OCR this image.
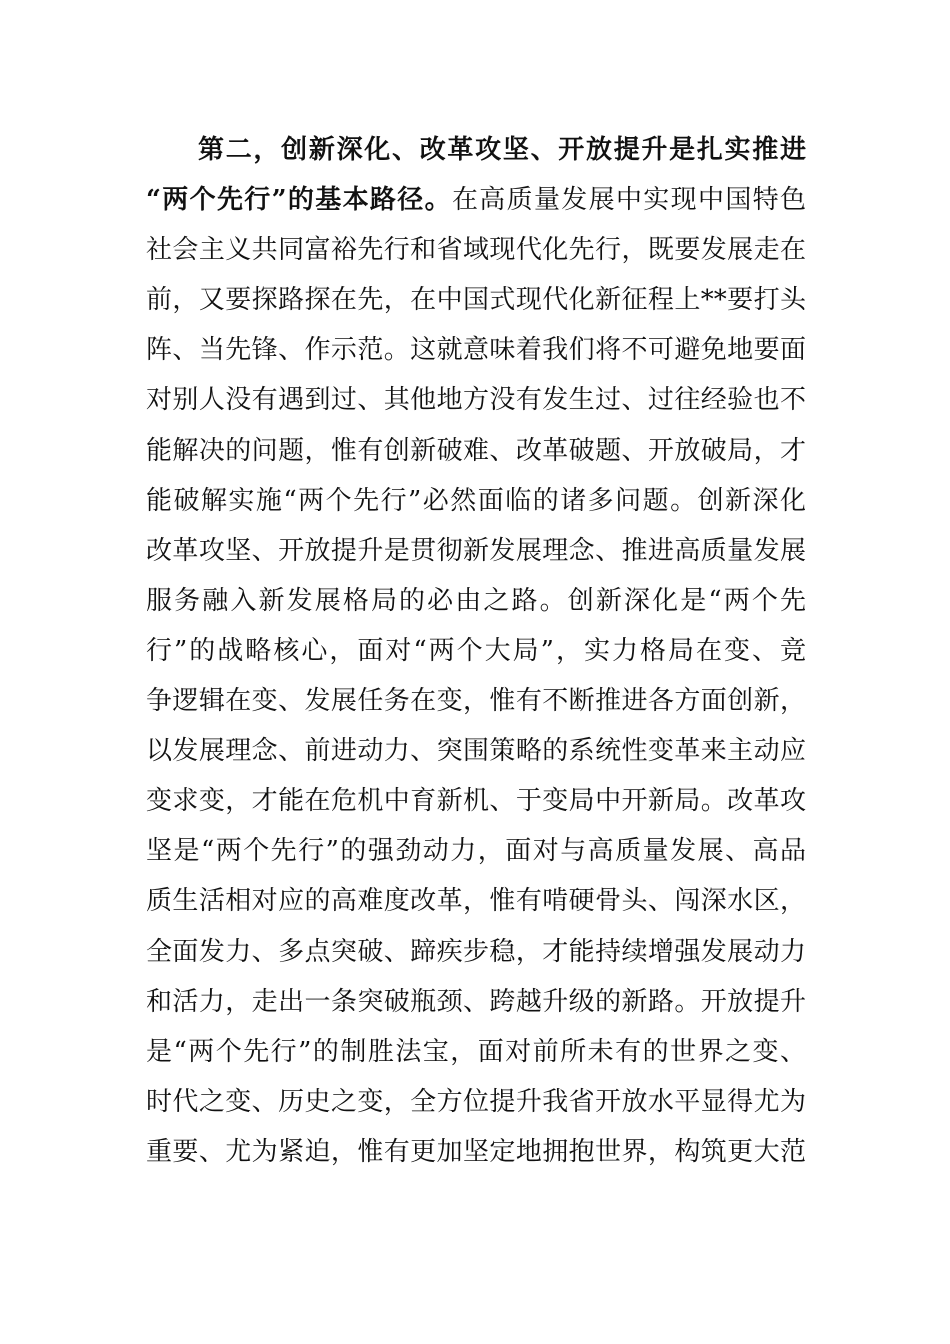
第二，创新深化、改革攻坚、开放提升是扎实推进
“两个先行”的基本路径。在高质量发展中实现中国特色
社会主义共同富裕先行和省域现代化先行，既要发展走在
前，又要探路探在先，在中国式现代化新征程上**要打头
阵、当先锋、作示范。这就意味着我们将不可避免地要面
对别人没有遇到过、其他地方没有发生过、过往经验也不
能解决的问题，惟有创新破难、改革破题、开放破局，才
能破解实施“两个先行”必然面临的诸多问题。创新深化
改革攻坚、开放提升是贯彻新发展理念、推进高质量发展
服务融入新发展格局的必由之路。创新深化是“两个先
行”的战略核心，面对“两个大局”，实力格局在变、竞
争逻辑在变、发展任务在变，惟有不断推进各方面创新，
以发展理念、前进动力、突围策略的系统性变革来主动应
变求变，才能在危机中育新机、于变局中开新局。改革攻
坚是“两个先行”的强劲动力，面对与高质量发展、高品
质生活相对应的高难度改革，惟有啃硬骨头、闯深水区，
全面发力、多点突破、蹄疾步稳，才能持续增强发展动力
和活力，走出一条突破瓶颈、跨越升级的新路。开放提升
是“两个先行”的制胜法宝，面对前所未有的世界之变、
时代之变、历史之变，全方位提升我省开放水平显得尤为
重要、尤为紧迫，惟有更加坚定地拥抱世界，构筑更大范
